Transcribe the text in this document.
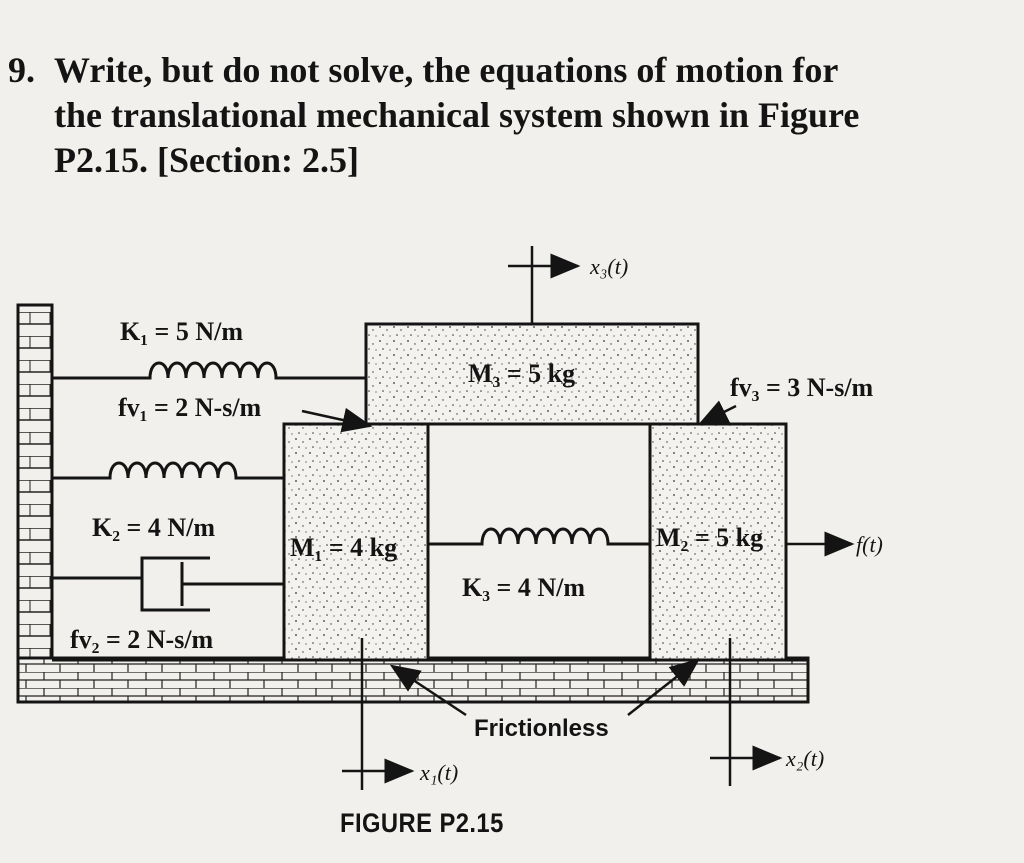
9. Write, but do not solve, the equations of motion for
the translational mechanical system shown in Figure
P2.15. [Section: 2.5]
x₃(t)
x₁(t)
x₂(t)
f(t)
K₁ = 5 N/m
fv₁ = 2 N-s/m
K₂ = 4 N/m
fv₂ = 2 N-s/m
M₃ = 5 kg
M₁ = 4 kg	M₂ = 5 kg
K₃ = 4 N/m
fv₃ = 3 N-s/m
Frictionless
FIGURE P2.15
